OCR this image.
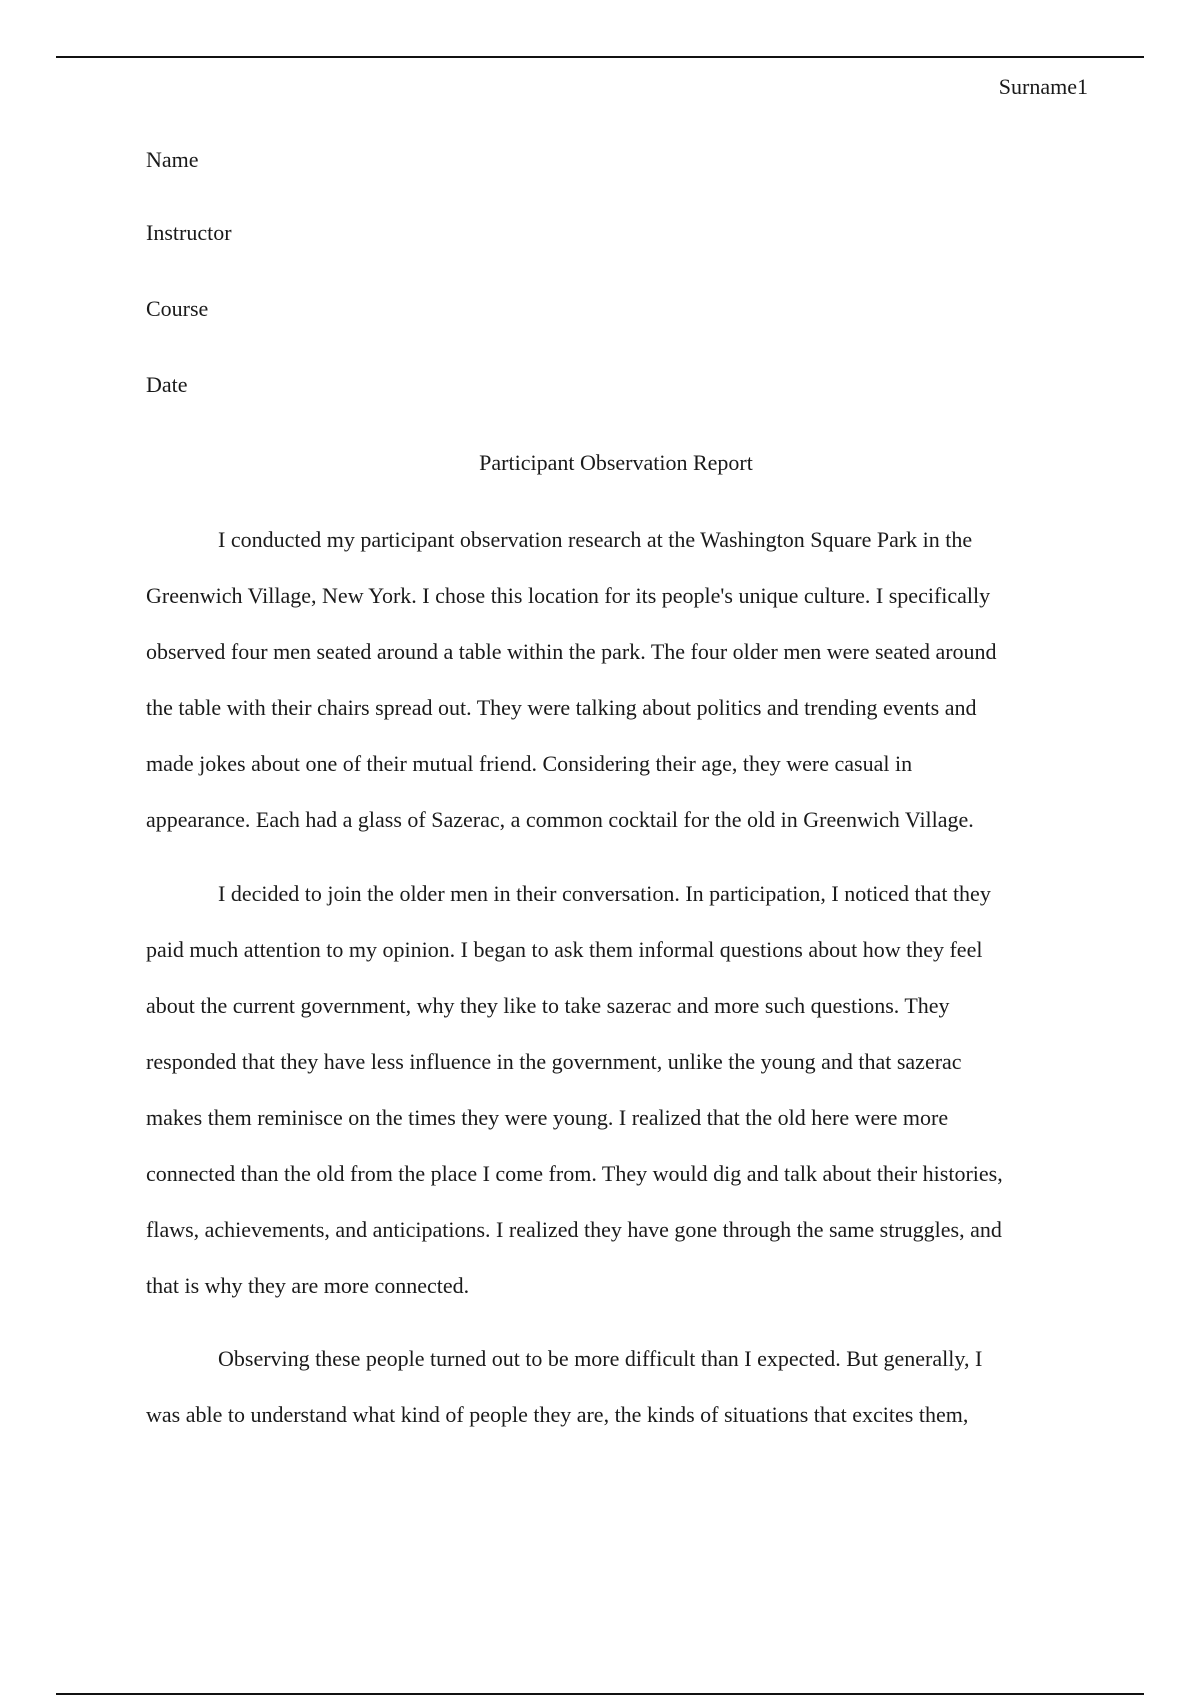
Surname1
Name
Instructor
Course
Date
Participant Observation Report
I conducted my participant observation research at the Washington Square Park in the
Greenwich Village, New York. I chose this location for its people's unique culture. I specifically
observed four men seated around a table within the park. The four older men were seated around
the table with their chairs spread out. They were talking about politics and trending events and
made jokes about one of their mutual friend. Considering their age, they were casual in
appearance. Each had a glass of Sazerac, a common cocktail for the old in Greenwich Village.
I decided to join the older men in their conversation. In participation, I noticed that they
paid much attention to my opinion. I began to ask them informal questions about how they feel
about the current government, why they like to take sazerac and more such questions. They
responded that they have less influence in the government, unlike the young and that sazerac
makes them reminisce on the times they were young. I realized that the old here were more
connected than the old from the place I come from. They would dig and talk about their histories,
flaws, achievements, and anticipations. I realized they have gone through the same struggles, and
that is why they are more connected.
Observing these people turned out to be more difficult than I expected. But generally, I
was able to understand what kind of people they are, the kinds of situations that excites them,
